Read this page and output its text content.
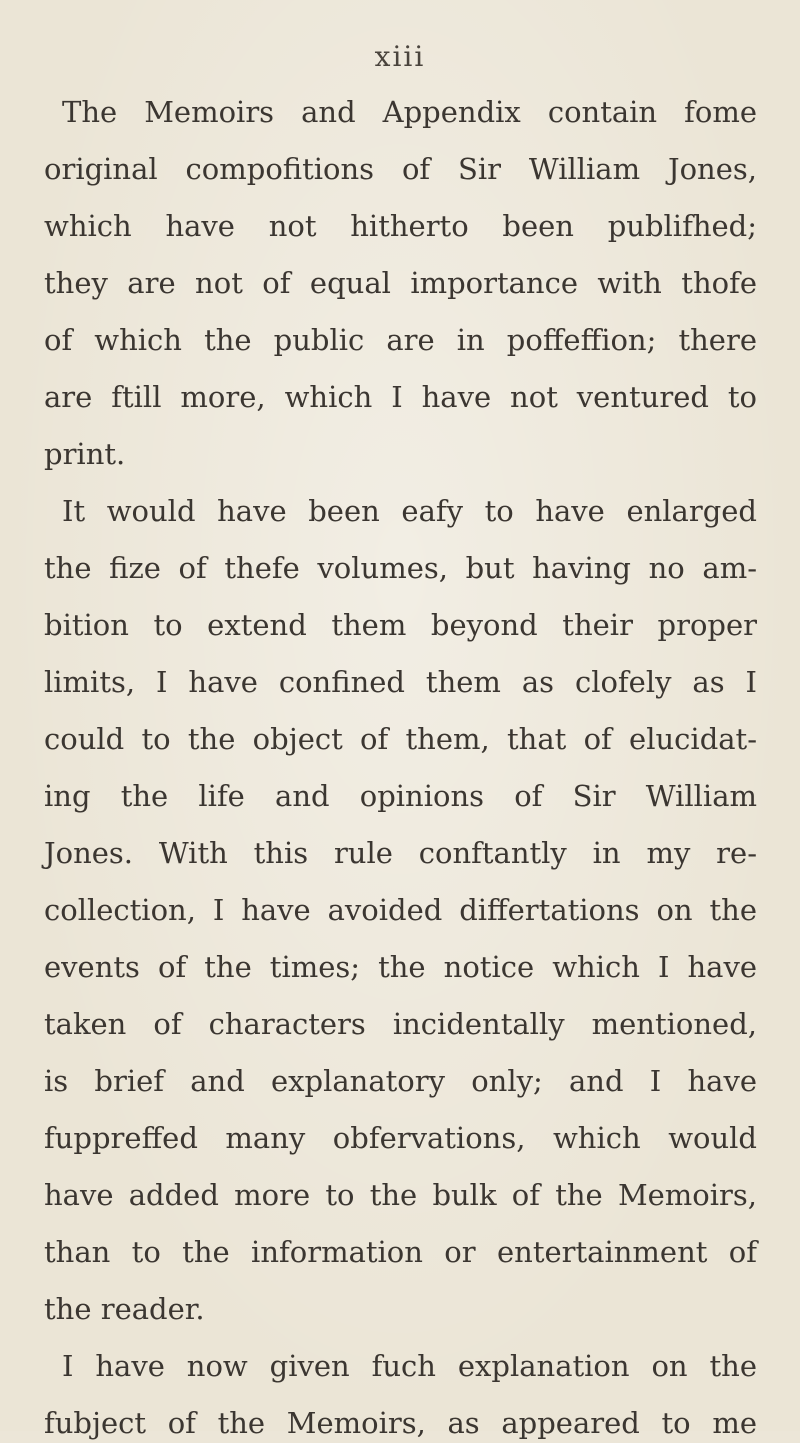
xiii
The Memoirs and Appendix contain fome
original compofitions of Sir William Jones,
which have not hitherto been publifhed;
they are not of equal importance with thofe
of which the public are in poffeffion; there
are ftill more, which I have not ventured to
print.
It would have been eafy to have enlarged
the fize of thefe volumes, but having no am-
bition to extend them beyond their proper
limits, I have confined them as clofely as I
could to the object of them, that of elucidat-
ing the life and opinions of Sir William
Jones. With this rule conftantly in my re-
collection, I have avoided differtations on the
events of the times; the notice which I have
taken of characters incidentally mentioned,
is brief and explanatory only; and I have
fuppreffed many obfervations, which would
have added more to the bulk of the Memoirs,
than to the information or entertainment of
the reader.
I have now given fuch explanation on the
fubject of the Memoirs, as appeared to me
